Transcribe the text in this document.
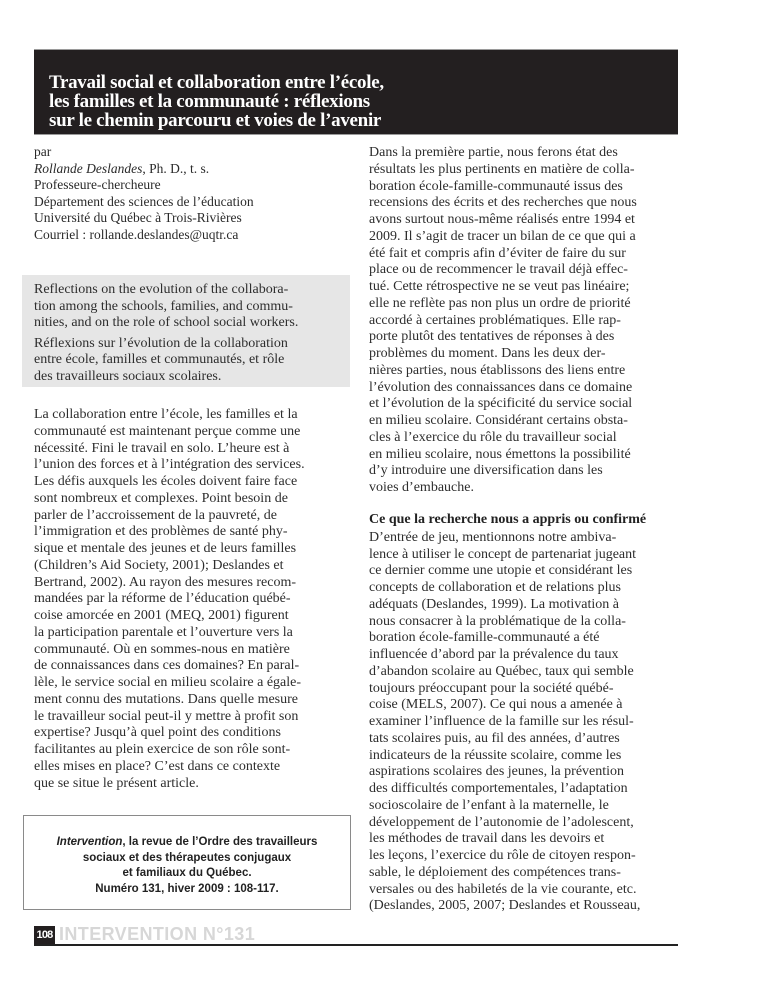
Travail social et collaboration entre l’école,
les familles et la communauté : réflexions
sur le chemin parcouru et voies de l’avenir
par
Rollande Deslandes, Ph. D., t. s.
Professeure-chercheure
Département des sciences de l’éducation
Université du Québec à Trois-Rivières
Courriel : rollande.deslandes@uqtr.ca

Reflections on the evolution of the collabora-
tion among the schools, families, and commu-
nities, and on the role of school social workers.

Réflexions sur l’évolution de la collaboration
entre école, familles et communautés, et rôle
des travailleurs sociaux scolaires.

La collaboration entre l’école, les familles et la
communauté est maintenant perçue comme une
nécessité. Fini le travail en solo. L’heure est à
l’union des forces et à l’intégration des services.
Les défis auxquels les écoles doivent faire face
sont nombreux et complexes. Point besoin de
parler de l’accroissement de la pauvreté, de
l’immigration et des problèmes de santé phy-
sique et mentale des jeunes et de leurs familles
(Children’s Aid Society, 2001); Deslandes et
Bertrand, 2002). Au rayon des mesures recom-
mandées par la réforme de l’éducation québé-
coise amorcée en 2001 (MEQ, 2001) figurent
la participation parentale et l’ouverture vers la
communauté. Où en sommes-nous en matière
de connaissances dans ces domaines? En paral-
lèle, le service social en milieu scolaire a égale-
ment connu des mutations. Dans quelle mesure
le travailleur social peut-il y mettre à profit son
expertise? Jusqu’à quel point des conditions
facilitantes au plein exercice de son rôle sont-
elles mises en place? C’est dans ce contexte
que se situe le présent article.
Intervention, la revue de l’Ordre des travailleurs
sociaux et des thérapeutes conjugaux
et familiaux du Québec.
Numéro 131, hiver 2009 : 108-117.
Dans la première partie, nous ferons état des
résultats les plus pertinents en matière de colla-
boration école-famille-communauté issus des
recensions des écrits et des recherches que nous
avons surtout nous-même réalisés entre 1994 et
2009. Il s’agit de tracer un bilan de ce que qui a
été fait et compris afin d’éviter de faire du sur
place ou de recommencer le travail déjà effec-
tué. Cette rétrospective ne se veut pas linéaire;
elle ne reflète pas non plus un ordre de priorité
accordé à certaines problématiques. Elle rap-
porte plutôt des tentatives de réponses à des
problèmes du moment. Dans les deux der-
nières parties, nous établissons des liens entre
l’évolution des connaissances dans ce domaine
et l’évolution de la spécificité du service social
en milieu scolaire. Considérant certains obsta-
cles à l’exercice du rôle du travailleur social
en milieu scolaire, nous émettons la possibilité
d’y introduire une diversification dans les
voies d’embauche.
Ce que la recherche nous a appris ou confirmé
D’entrée de jeu, mentionnons notre ambiva-
lence à utiliser le concept de partenariat jugeant
ce dernier comme une utopie et considérant les
concepts de collaboration et de relations plus
adéquats (Deslandes, 1999). La motivation à
nous consacrer à la problématique de la colla-
boration école-famille-communauté a été
influencée d’abord par la prévalence du taux
d’abandon scolaire au Québec, taux qui semble
toujours préoccupant pour la société québé-
coise (MELS, 2007). Ce qui nous a amenée à
examiner l’influence de la famille sur les résul-
tats scolaires puis, au fil des années, d’autres
indicateurs de la réussite scolaire, comme les
aspirations scolaires des jeunes, la prévention
des difficultés comportementales, l’adaptation
socioscolaire de l’enfant à la maternelle, le
développement de l’autonomie de l’adolescent,
les méthodes de travail dans les devoirs et
les leçons, l’exercice du rôle de citoyen respon-
sable, le déploiement des compétences trans-
versales ou des habiletés de la vie courante, etc.
(Deslandes, 2005, 2007; Deslandes et Rousseau,
108 INTERVENTION N°131
